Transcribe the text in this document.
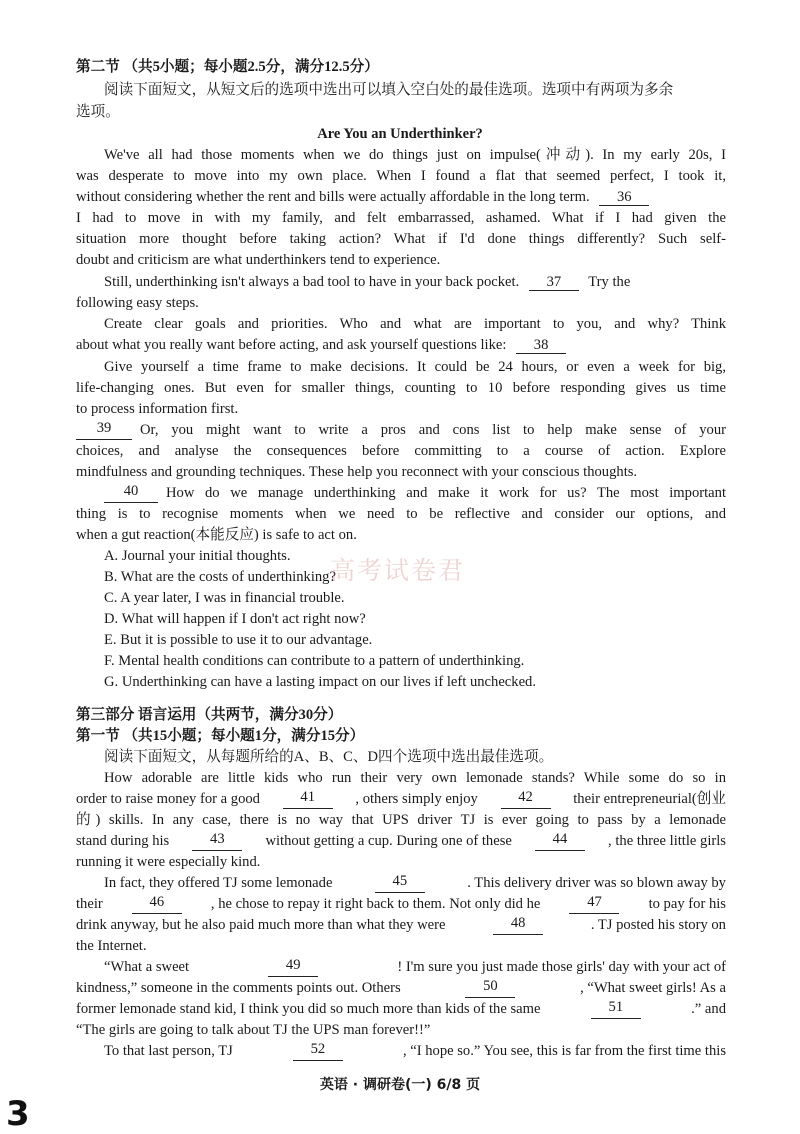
第二节 （共5小题；每小题2.5分，满分12.5分）
阅读下面短文，从短文后的选项中选出可以填入空白处的最佳选项。选项中有两项为多余
选项。
Are You an Underthinker?
We've all had those moments when we do things just on impulse(冲动). In my early 20s, I
was desperate to move into my own place. When I found a flat that seemed perfect, I took it,
without considering whether the rent and bills were actually affordable in the long term. 36
I had to move in with my family, and felt embarrassed, ashamed. What if I had given the
situation more thought before taking action? What if I'd done things differently? Such self-
doubt and criticism are what underthinkers tend to experience.
Still, underthinking isn't always a bad tool to have in your back pocket. 37 Try the
following easy steps.
Create clear goals and priorities. Who and what are important to you, and why? Think
about what you really want before acting, and ask yourself questions like: 38
Give yourself a time frame to make decisions. It could be 24 hours, or even a week for big,
life-changing ones. But even for smaller things, counting to 10 before responding gives us time
to process information first.
39	Or, you might want to write a pros and cons list to help make sense of your
choices, and analyse the consequences before committing to a course of action. Explore
mindfulness and grounding techniques. These help you reconnect with your conscious thoughts.
40	How do we manage underthinking and make it work for us? The most important
thing is to recognise moments when we need to be reflective and consider our options, and
when a gut reaction(本能反应) is safe to act on.
A. Journal your initial thoughts.
B. What are the costs of underthinking?
C. A year later, I was in financial trouble.
D. What will happen if I don't act right now?
E. But it is possible to use it to our advantage.
F. Mental health conditions can contribute to a pattern of underthinking.
G. Underthinking can have a lasting impact on our lives if left unchecked.
高考试卷君
第三部分 语言运用（共两节，满分30分）
第一节 （共15小题；每小题1分，满分15分）
阅读下面短文，从每题所给的A、B、C、D四个选项中选出最佳选项。
How adorable are little kids who run their very own lemonade stands? While some do so in
order to raise money for a good	41	, others simply enjoy	42	their entrepreneurial(创业
的) skills. In any case, there is no way that UPS driver TJ is ever going to pass by a lemonade
stand during his	43	without getting a cup. During one of these	44	, the three little girls
running it were especially kind.
In fact, they offered TJ some lemonade	45	. This delivery driver was so blown away by
their	46	, he chose to repay it right back to them. Not only did he	47	to pay for his
drink anyway, but he also paid much more than what they were	48	. TJ posted his story on
the Internet.
“What a sweet	49	! I'm sure you just made those girls' day with your act of
kindness,” someone in the comments points out. Others	50	, “What sweet girls! As a
former lemonade stand kid, I think you did so much more than kids of the same	51	.” and
“The girls are going to talk about TJ the UPS man forever!!”
To that last person, TJ	52	, “I hope so.” You see, this is far from the first time this
英语 · 调研卷(一) 6/8 页
3
